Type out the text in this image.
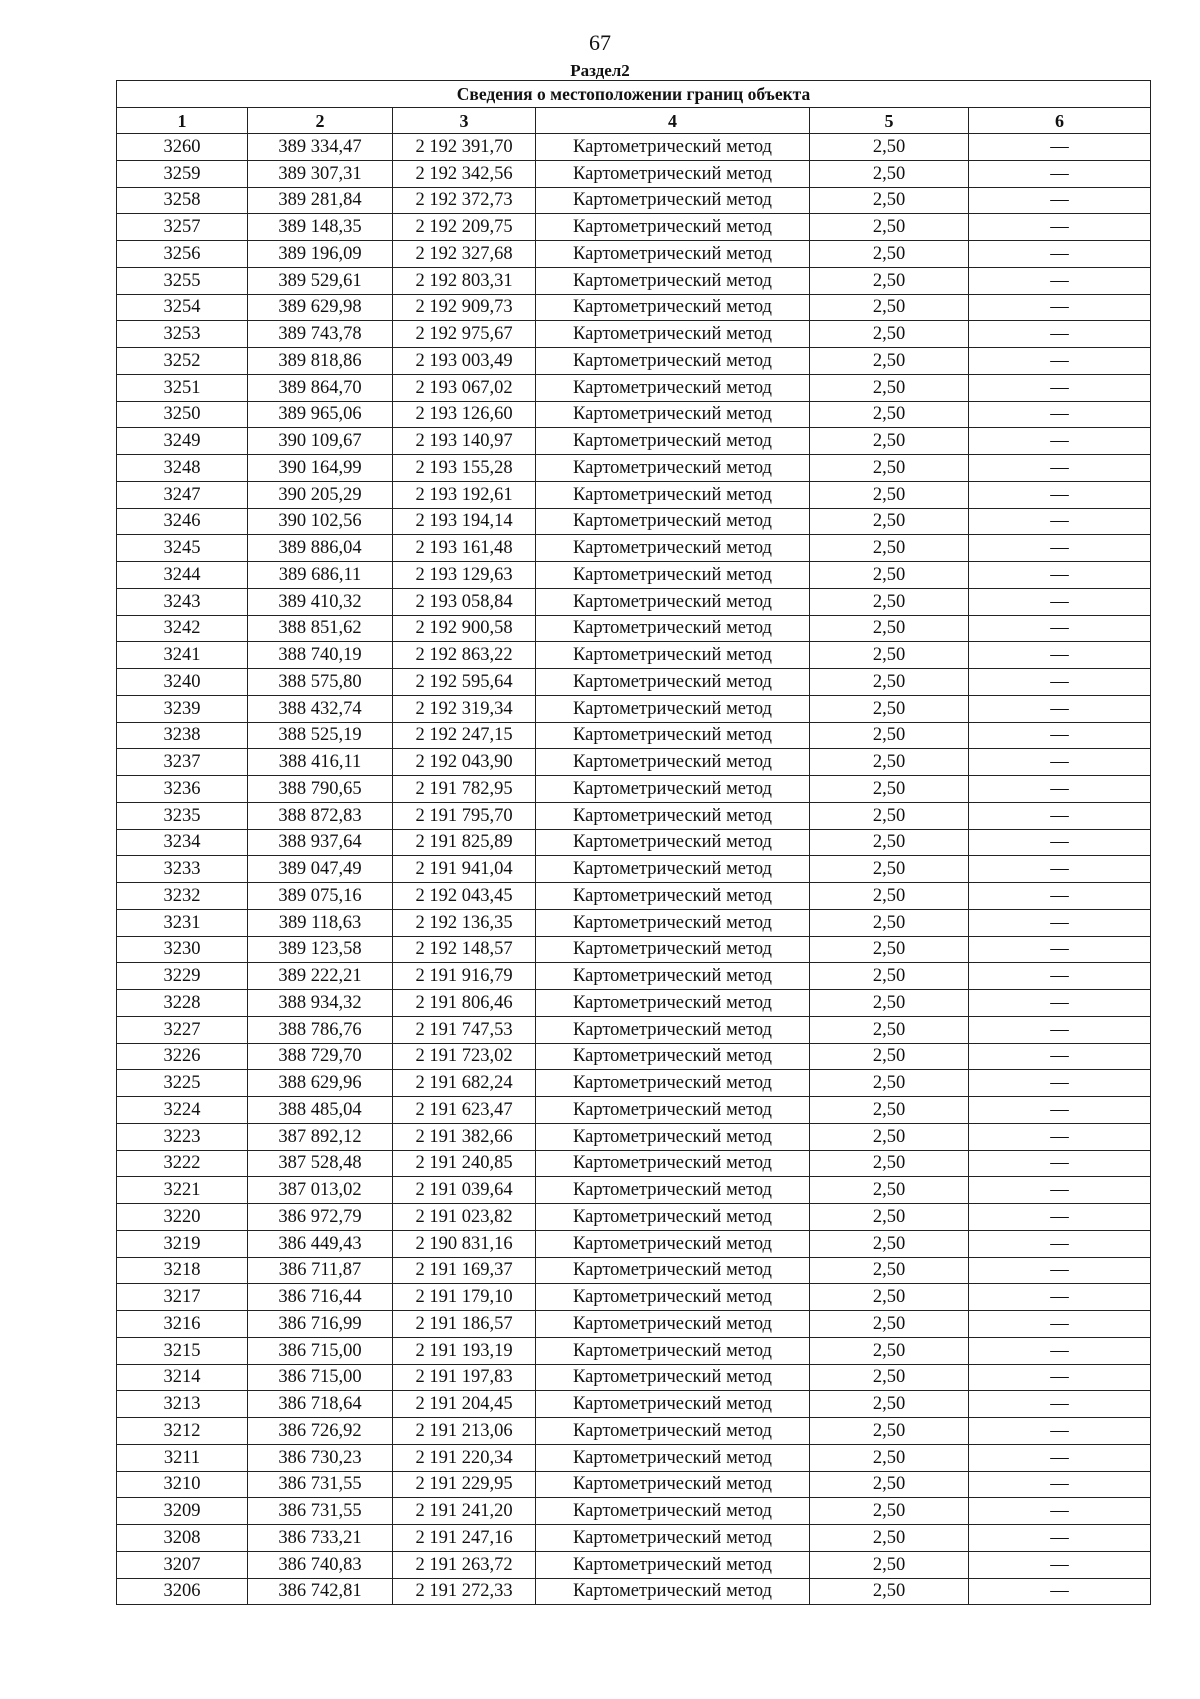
67
Раздел2
Сведения о местоположении границ объекта					
1	2	3	4	5	6
3260	389 334,47	2 192 391,70	Картометрический метод	2,50	—
3259	389 307,31	2 192 342,56	Картометрический метод	2,50	—
3258	389 281,84	2 192 372,73	Картометрический метод	2,50	—
3257	389 148,35	2 192 209,75	Картометрический метод	2,50	—
3256	389 196,09	2 192 327,68	Картометрический метод	2,50	—
3255	389 529,61	2 192 803,31	Картометрический метод	2,50	—
3254	389 629,98	2 192 909,73	Картометрический метод	2,50	—
3253	389 743,78	2 192 975,67	Картометрический метод	2,50	—
3252	389 818,86	2 193 003,49	Картометрический метод	2,50	—
3251	389 864,70	2 193 067,02	Картометрический метод	2,50	—
3250	389 965,06	2 193 126,60	Картометрический метод	2,50	—
3249	390 109,67	2 193 140,97	Картометрический метод	2,50	—
3248	390 164,99	2 193 155,28	Картометрический метод	2,50	—
3247	390 205,29	2 193 192,61	Картометрический метод	2,50	—
3246	390 102,56	2 193 194,14	Картометрический метод	2,50	—
3245	389 886,04	2 193 161,48	Картометрический метод	2,50	—
3244	389 686,11	2 193 129,63	Картометрический метод	2,50	—
3243	389 410,32	2 193 058,84	Картометрический метод	2,50	—
3242	388 851,62	2 192 900,58	Картометрический метод	2,50	—
3241	388 740,19	2 192 863,22	Картометрический метод	2,50	—
3240	388 575,80	2 192 595,64	Картометрический метод	2,50	—
3239	388 432,74	2 192 319,34	Картометрический метод	2,50	—
3238	388 525,19	2 192 247,15	Картометрический метод	2,50	—
3237	388 416,11	2 192 043,90	Картометрический метод	2,50	—
3236	388 790,65	2 191 782,95	Картометрический метод	2,50	—
3235	388 872,83	2 191 795,70	Картометрический метод	2,50	—
3234	388 937,64	2 191 825,89	Картометрический метод	2,50	—
3233	389 047,49	2 191 941,04	Картометрический метод	2,50	—
3232	389 075,16	2 192 043,45	Картометрический метод	2,50	—
3231	389 118,63	2 192 136,35	Картометрический метод	2,50	—
3230	389 123,58	2 192 148,57	Картометрический метод	2,50	—
3229	389 222,21	2 191 916,79	Картометрический метод	2,50	—
3228	388 934,32	2 191 806,46	Картометрический метод	2,50	—
3227	388 786,76	2 191 747,53	Картометрический метод	2,50	—
3226	388 729,70	2 191 723,02	Картометрический метод	2,50	—
3225	388 629,96	2 191 682,24	Картометрический метод	2,50	—
3224	388 485,04	2 191 623,47	Картометрический метод	2,50	—
3223	387 892,12	2 191 382,66	Картометрический метод	2,50	—
3222	387 528,48	2 191 240,85	Картометрический метод	2,50	—
3221	387 013,02	2 191 039,64	Картометрический метод	2,50	—
3220	386 972,79	2 191 023,82	Картометрический метод	2,50	—
3219	386 449,43	2 190 831,16	Картометрический метод	2,50	—
3218	386 711,87	2 191 169,37	Картометрический метод	2,50	—
3217	386 716,44	2 191 179,10	Картометрический метод	2,50	—
3216	386 716,99	2 191 186,57	Картометрический метод	2,50	—
3215	386 715,00	2 191 193,19	Картометрический метод	2,50	—
3214	386 715,00	2 191 197,83	Картометрический метод	2,50	—
3213	386 718,64	2 191 204,45	Картометрический метод	2,50	—
3212	386 726,92	2 191 213,06	Картометрический метод	2,50	—
3211	386 730,23	2 191 220,34	Картометрический метод	2,50	—
3210	386 731,55	2 191 229,95	Картометрический метод	2,50	—
3209	386 731,55	2 191 241,20	Картометрический метод	2,50	—
3208	386 733,21	2 191 247,16	Картометрический метод	2,50	—
3207	386 740,83	2 191 263,72	Картометрический метод	2,50	—
3206	386 742,81	2 191 272,33	Картометрический метод	2,50	—
